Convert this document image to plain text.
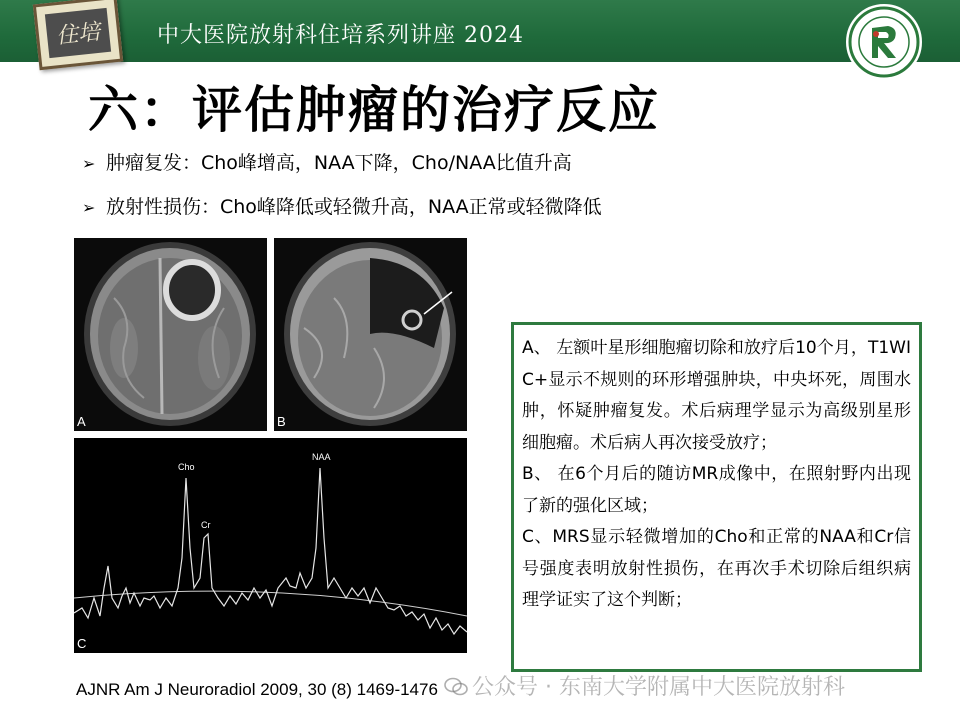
住培	中大医院放射科住培系列讲座 2024
六：评估肿瘤的治疗反应
➢ 肿瘤复发：Cho峰增高，NAA下降，Cho/NAA比值升高
➢ 放射性损伤：Cho峰降低或轻微升高，NAA正常或轻微降低
A	B
Cho
Cr
NAA
C

A、 左额叶星形细胞瘤切除和放疗后10个月，T1WI C+显示不规则的环形增强肿块，中央坏死，周围水肿，怀疑肿瘤复发。术后病理学显示为高级别星形细胞瘤。术后病人再次接受放疗；

B、 在6个月后的随访MR成像中，在照射野内出现了新的强化区域；

C、MRS显示轻微增加的Cho和正常的NAA和Cr信号强度表明放射性损伤，在再次手术切除后组织病理学证实了这个判断；

AJNR Am J Neuroradiol 2009, 30 (8) 1469-1476	公众号 · 东南大学附属中大医院放射科
